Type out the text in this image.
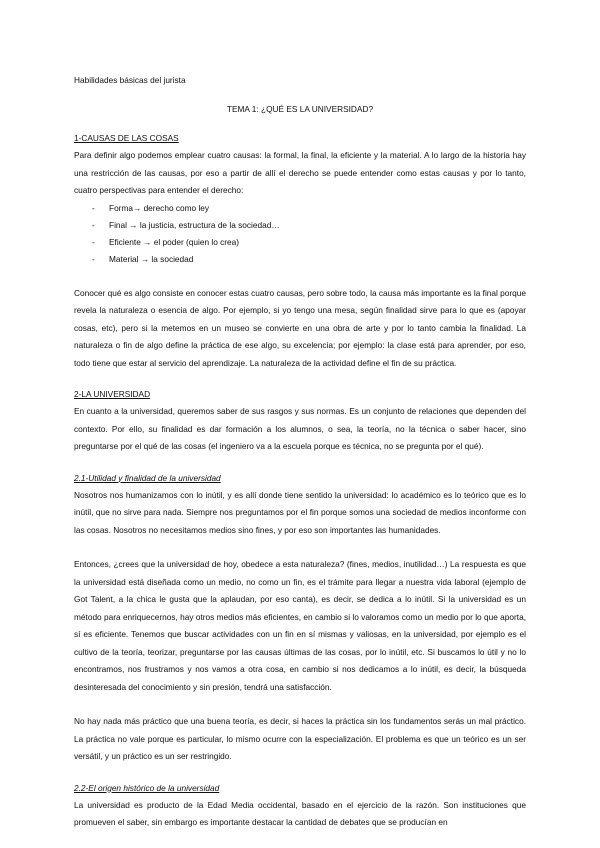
Habilidades básicas del jurista
TEMA 1: ¿QUÉ ES LA UNIVERSIDAD?

1-CAUSAS DE LAS COSAS

Para definir algo podemos emplear cuatro causas: la formal, la final, la eficiente y la material. A lo largo de la historia hay una restricción de las causas, por eso a partir de allí el derecho se puede entender como estas causas y por lo tanto, cuatro perspectivas para entender el derecho:

- Forma→ derecho como ley
- Final → la justicia, estructura de la sociedad…
- Eficiente → el poder (quien lo crea)
- Material → la sociedad

Conocer qué es algo consiste en conocer estas cuatro causas, pero sobre todo, la causa más importante es la final porque revela la naturaleza o esencia de algo. Por ejemplo, si yo tengo una mesa, según finalidad sirve para lo que es (apoyar cosas, etc), pero si la metemos en un museo se convierte en una obra de arte y por lo tanto cambia la finalidad. La naturaleza o fin de algo define la práctica de ese algo, su excelencia; por ejemplo: la clase está para aprender, por eso, todo tiene que estar al servicio del aprendizaje. La naturaleza de la actividad define el fin de su práctica.

2-LA UNIVERSIDAD

En cuanto a la universidad, queremos saber de sus rasgos y sus normas. Es un conjunto de relaciones que dependen del contexto. Por ello, su finalidad es dar formación a los alumnos, o sea, la teoría, no la técnica o saber hacer, sino preguntarse por el qué de las cosas (el ingeniero va a la escuela porque es técnica, no se pregunta por el qué).

2.1-Utilidad y finalidad de la universidad

Nosotros nos humanizamos con lo inútil, y es allí donde tiene sentido la universidad: lo académico es lo teórico que es lo inútil, que no sirve para nada. Siempre nos preguntamos por el fin porque somos una sociedad de medios inconforme con las cosas. Nosotros no necesitamos medios sino fines, y por eso son importantes las humanidades.

Entonces, ¿crees que la universidad de hoy, obedece a esta naturaleza? (fines, medios, inutilidad…) La respuesta es que la universidad está diseñada como un medio, no como un fin, es el trámite para llegar a nuestra vida laboral (ejemplo de Got Talent, a la chica le gusta que la aplaudan, por eso canta), es decir, se dedica a lo inútil. Si la universidad es un método para enriquecernos, hay otros medios más eficientes, en cambio si lo valoramos como un medio por lo que aporta, sí es eficiente. Tenemos que buscar actividades con un fin en sí mismas y valiosas, en la universidad, por ejemplo es el cultivo de la teoría, teorizar, preguntarse por las causas últimas de las cosas, por lo inútil, etc. Si buscamos lo útil y no lo encontramos, nos frustramos y nos vamos a otra cosa, en cambio si nos dedicamos a lo inútil, es decir, la búsqueda desinteresada del conocimiento y sin presión, tendrá una satisfacción.

No hay nada más práctico que una buena teoría, es decir, si haces la práctica sin los fundamentos serás un mal práctico. La práctica no vale porque es particular, lo mismo ocurre con la especialización. El problema es que un teórico es un ser versátil, y un práctico es un ser restringido.

2.2-El origen histórico de la universidad

La universidad es producto de la Edad Media occidental, basado en el ejercicio de la razón. Son instituciones que promueven el saber, sin embargo es importante destacar la cantidad de debates que se producían en
